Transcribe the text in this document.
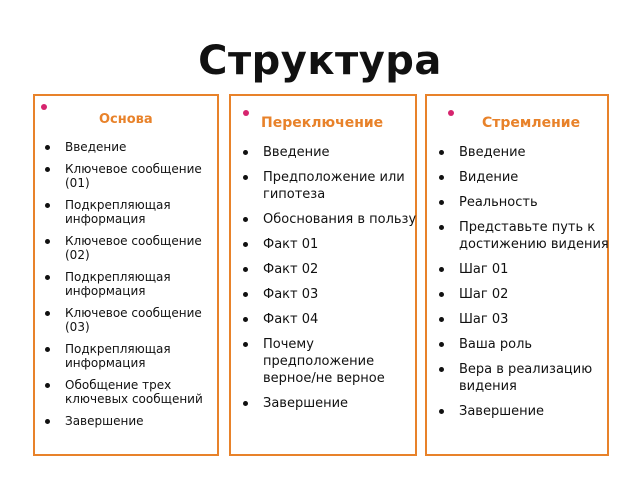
Структура
Основа
Введение
Ключевое сообщение (01)
Подкрепляющая информация
Ключевое сообщение (02)
Подкрепляющая информация
Ключевое сообщение (03)
Подкрепляющая информация
Обобщение трех ключевых сообщений
Завершение
Переключение
Введение
Предположение или гипотеза
Обоснования в пользу
Факт 01
Факт 02
Факт 03
Факт 04
Почему предположение верное/не верное
Завершение
Стремление
Введение
Видение
Реальность
Представьте путь к достижению видения
Шаг 01
Шаг 02
Шаг 03
Ваша роль
Вера в реализацию видения
Завершение
